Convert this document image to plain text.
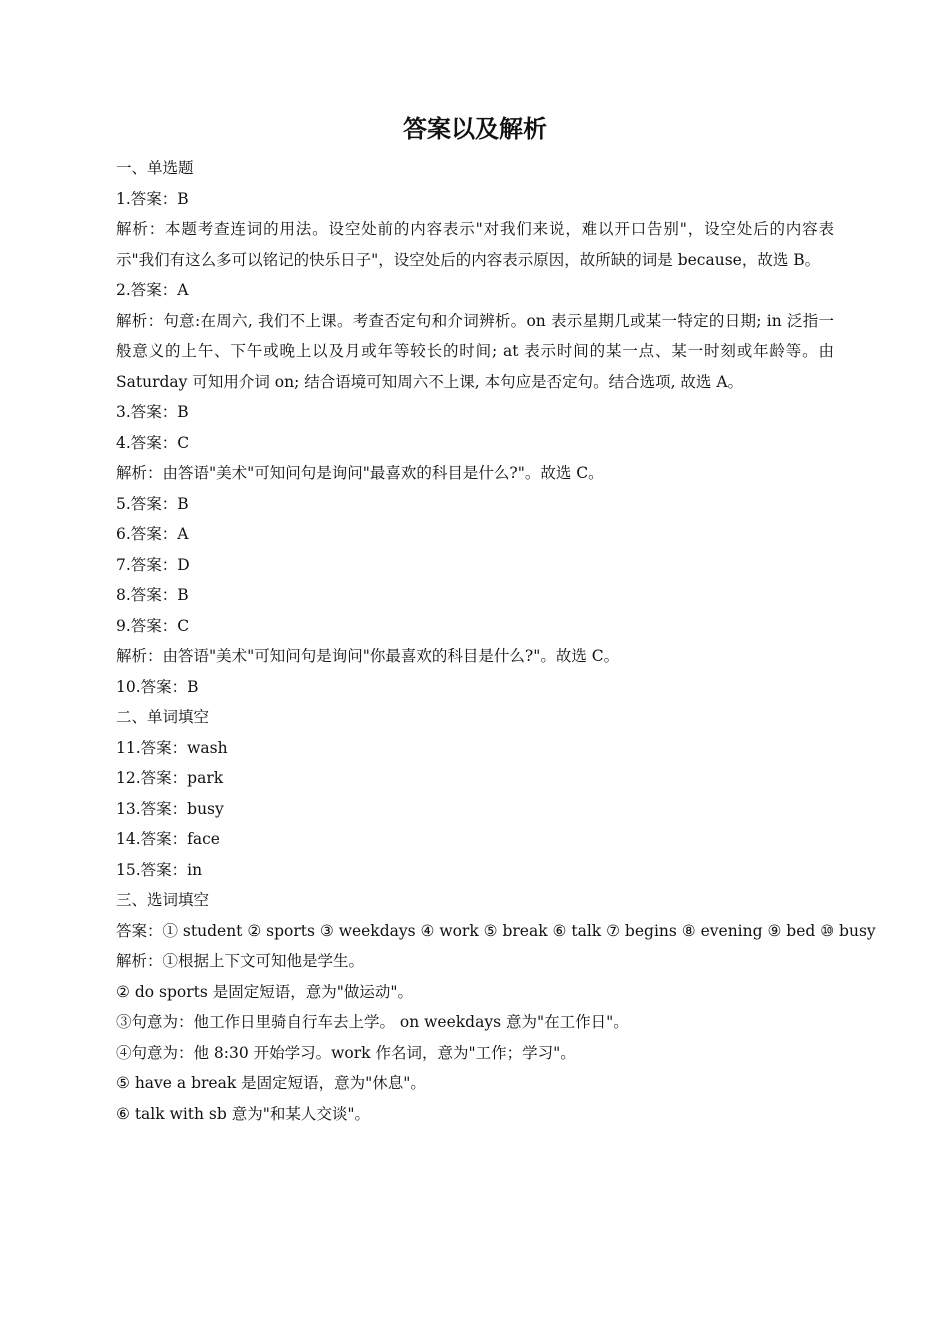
答案以及解析
一、单选题
1.答案：B
解析：本题考查连词的用法。设空处前的内容表示"对我们来说，难以开口告别"，设空处后的内容表示"我们有这么多可以铭记的快乐日子"，设空处后的内容表示原因，故所缺的词是 because，故选 B。
2.答案：A
解析：句意:在周六, 我们不上课。考查否定句和介词辨析。on 表示星期几或某一特定的日期; in 泛指一般意义的上午、下午或晚上以及月或年等较长的时间; at 表示时间的某一点、某一时刻或年龄等。由 Saturday 可知用介词 on; 结合语境可知周六不上课, 本句应是否定句。结合选项, 故选 A。
3.答案：B
4.答案：C
解析：由答语"美术"可知问句是询问"最喜欢的科目是什么?"。故选 C。
5.答案：B
6.答案：A
7.答案：D
8.答案：B
9.答案：C
解析：由答语"美术"可知问句是询问"你最喜欢的科目是什么?"。故选 C。
10.答案：B
二、单词填空
11.答案：wash
12.答案：park
13.答案：busy
14.答案：face
15.答案：in
三、选词填空
答案：① student ② sports ③ weekdays ④ work ⑤ break ⑥ talk ⑦ begins ⑧ evening ⑨ bed ⑩ busy
解析：①根据上下文可知他是学生。
② do sports 是固定短语，意为"做运动"。
③句意为：他工作日里骑自行车去上学。 on weekdays 意为"在工作日"。
④句意为：他 8:30 开始学习。work 作名词，意为"工作；学习"。
⑤ have a break 是固定短语，意为"休息"。
⑥ talk with sb 意为"和某人交谈"。
